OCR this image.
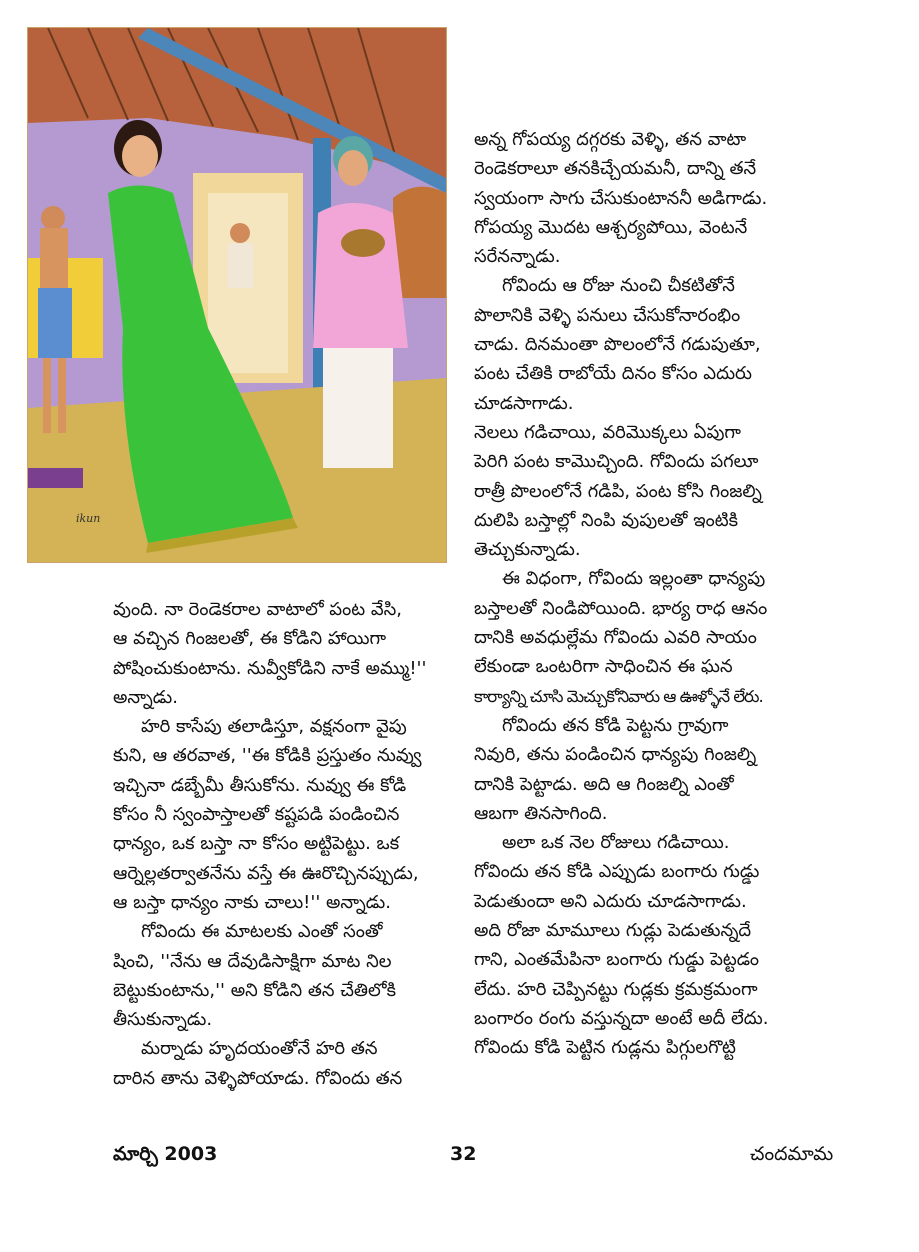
ikun

అన్న గోపయ్య దగ్గరకు వెళ్ళి, తన వాటా

రెండెకరాలూ తనకిచ్చేయమనీ, దాన్ని తనే

స్వయంగా సాగు చేసుకుంటాననీ అడిగాడు.

గోపయ్య మొదట ఆశ్చర్యపోయి, వెంటనే

సరేనన్నాడు.

గోవిందు ఆ రోజు నుంచి చీకటితోనే

పొలానికి వెళ్ళి పనులు చేసుకోనారంభిం

చాడు. దినమంతా పొలంలోనే గడుపుతూ,

పంట చేతికి రాబోయే దినం కోసం ఎదురు

చూడసాగాడు.

నెలలు గడిచాయి, వరిమొక్కలు ఏపుగా

పెరిగి పంట కామొచ్చింది. గోవిందు పగలూ

రాత్రీ పొలంలోనే గడిపి, పంట కోసి గింజల్ని

దులిపి బస్తాల్లో నింపి వుపులతో ఇంటికి

తెచ్చుకున్నాడు.

ఈ విధంగా, గోవిందు ఇల్లంతా ధాన్యపు

బస్తాలతో నిండిపోయింది. భార్య రాధ ఆనం

దానికి అవధుల్లేమ గోవిందు ఎవరి సాయం

లేకుండా ఒంటరిగా సాధించిన ఈ ఘన

కార్యాన్ని చూసి మెచ్చుకోనివారు ఆ ఊళ్ళోనే లేరు.

గోవిందు తన కోడి పెట్టను గ్రావుగా

నివురి, తను పండించిన ధాన్యపు గింజల్ని

దానికి పెట్టాడు. అది ఆ గింజల్ని ఎంతో

ఆబగా తినసాగింది.

అలా ఒక నెల రోజులు గడిచాయి.

గోవిందు తన కోడి ఎప్పుడు బంగారు గుడ్డు

పెడుతుందా అని ఎదురు చూడసాగాడు.

అది రోజా మామూలు గుడ్లు పెడుతున్నదే

గాని, ఎంతమేపినా బంగారు గుడ్డు పెట్టడం

లేదు. హరి చెప్పినట్టు గుడ్లకు క్రమక్రమంగా

బంగారం రంగు వస్తున్నదా అంటే అదీ లేదు.

గోవిందు కోడి పెట్టిన గుడ్లను పిగ్గులగొట్టి

వుంది. నా రెండెకరాల వాటాలో పంట వేసి,

ఆ వచ్చిన గింజలతో, ఈ కోడిని హాయిగా

పోషించుకుంటాను. నువ్వీకోడిని నాకే అమ్ము!''

అన్నాడు.

హరి కాసేపు తలాడిస్తూ, వక్షనంగా వైపు

కుని, ఆ తరవాత, ''ఈ కోడికి ప్రస్తుతం నువ్వు

ఇచ్చినా డబ్బేమీ తీసుకోను. నువ్వు ఈ కోడి

కోసం నీ స్వంపాస్తాలతో కష్టపడి పండించిన

ధాన్యం, ఒక బస్తా నా కోసం అట్టిపెట్టు. ఒక

ఆర్నెల్లతర్వాతనేను వస్తే ఈ ఊరొచ్చినప్పుడు,

ఆ బస్తా ధాన్యం నాకు చాలు!'' అన్నాడు.

గోవిందు ఈ మాటలకు ఎంతో సంతో

షించి, ''నేను ఆ దేవుడిసాక్షిగా మాట నిల

బెట్టుకుంటాను,'' అని కోడిని తన చేతిలోకి

తీసుకున్నాడు.

మర్నాడు హృదయంతోనే హరి తన

దారిన తాను వెళ్ళిపోయాడు. గోవిందు తన

మార్చి 2003	32	చందమామ
